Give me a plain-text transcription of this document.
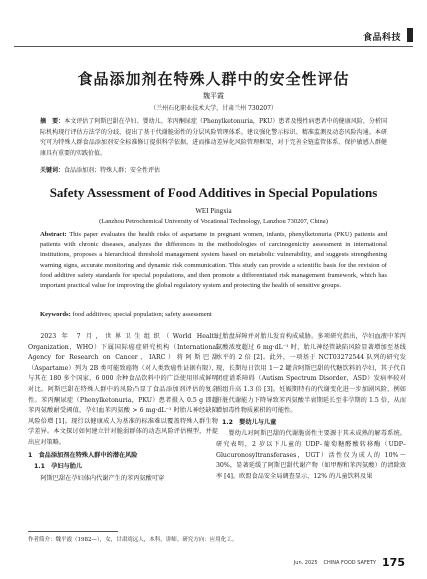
食品科技
食品添加剂在特殊人群中的安全性评估
魏平霞
（兰州石化职业技术大学，甘肃兰州 730207）
摘　要：本文评估了阿斯巴甜在孕妇、婴幼儿、苯丙酮尿症（Phenylketonuria，PKU）患者及慢性病患者中的健康风险，分析国际机构现行评估方法学的分歧，提出了基于代谢脆弱性的分层风险管理体系，建议强化警示标识、精准监测及动态风险沟通。本研究可为特殊人群食品添加剂安全标准修订提供科学依据，进而推动差异化风险管理框架，对于完善全链监管体系、保护敏感人群健康具有重要的实践价值。
关键词：食品添加剂；特殊人群；安全性评估
Safety Assessment of Food Additives in Special Populations
WEI Pingxia
(Lanzhou Petrochemical University of Vocational Technology, Lanzhou 730207, China)
Abstract: This paper evaluates the health risks of aspartame in pregnant women, infants, phenylketonuria (PKU) patients and patients with chronic diseases, analyzes the differences in the methodologies of carcinogenicity assessment in international institutions, proposes a hierarchical threshold management system based on metabolic vulnerability, and suggests strengthening warning signs, accurate monitoring and dynamic risk communication. This study can provide a scientific basis for the revision of food additive safety standards for special populations, and then promote a differentiated risk management framework, which has important practical value for improving the global regulatory system and protecting the health of sensitive groups.
Keywords: food additives; special population; safety assessment

2023 年 7 月，世界卫生组织（World Health Organization，WHO）下属国际癌症研究机构（International Agency for Research on Cancer，IARC）将阿斯巴甜（Aspartame）列为 2B 类可能致癌物（对人类致癌性证据有限），与其在 180 多个国家、6 000 余种食品饮料中的广泛使用形成鲜明对比。阿斯巴甜在特殊人群中的风险凸显了食品添加剂评估的复杂性。苯丙酮尿症（Phenylketonuria，PKU）患者摄入 0.5 g 即超苯丙氨酸耐受阈值，孕妇血苯丙氨酸 > 6 mg·dL⁻¹ 时胎儿神经缺陷风险倍增 [1]。现行以健康成人为基准的标准难以覆盖特殊人群生物学差异。本文探讨如何建立针对脆弱群体的动态风险评估模型，并提出应对策略。

1　食品添加剂在特殊人群中的潜在风险
1.1　孕妇与胎儿

阿斯巴甜在孕妇体内代谢产生的苯丙氨酸可穿

过胎盘屏障并对胎儿发育构成威胁。多项研究指出，孕妇血液中苯丙氨酸浓度超过 6 mg·dL⁻¹ 时，胎儿神经管缺陷风险显著增加至基线水平的 2 倍 [2]。此外，一项基于 NCT03272544 队列的研究发现，长期每日饮用 1～2 罐含阿斯巴甜的代糖饮料的孕妇，其子代自闭症谱系障碍（Autism Spectrum Disorder，ASD）发病率较对照组升高 1.3 倍 [3]。妊娠期特有的代谢变化进一步加剧风险，例如肝脏代谢能力下降导致苯丙氨酸半衰期延长至非孕期的 1.5 倍，从而增加毒性物质累积的可能性。

1.2　婴幼儿与儿童

婴幼儿对阿斯巴甜的代谢脆弱性主要源于其未成熟的解毒系统。研究表明，2 岁以下儿童的 UDP–葡萄糖醛酸转移酶（UDP–Glucuronosyltransferases，UGT）活性仅为成人的 10%～30%，显著延缓了阿斯巴甜代谢产物（如甲醇和苯丙氨酸）的清除效率 [4]。欧盟食品安全局调查显示，12% 的儿童饮料及果

作者简介：魏平霞（1982—），女，甘肃靖远人，本科，讲师。研究方向：应用化工。
Jun. 2025 CHINA FOOD SAFETY 175
